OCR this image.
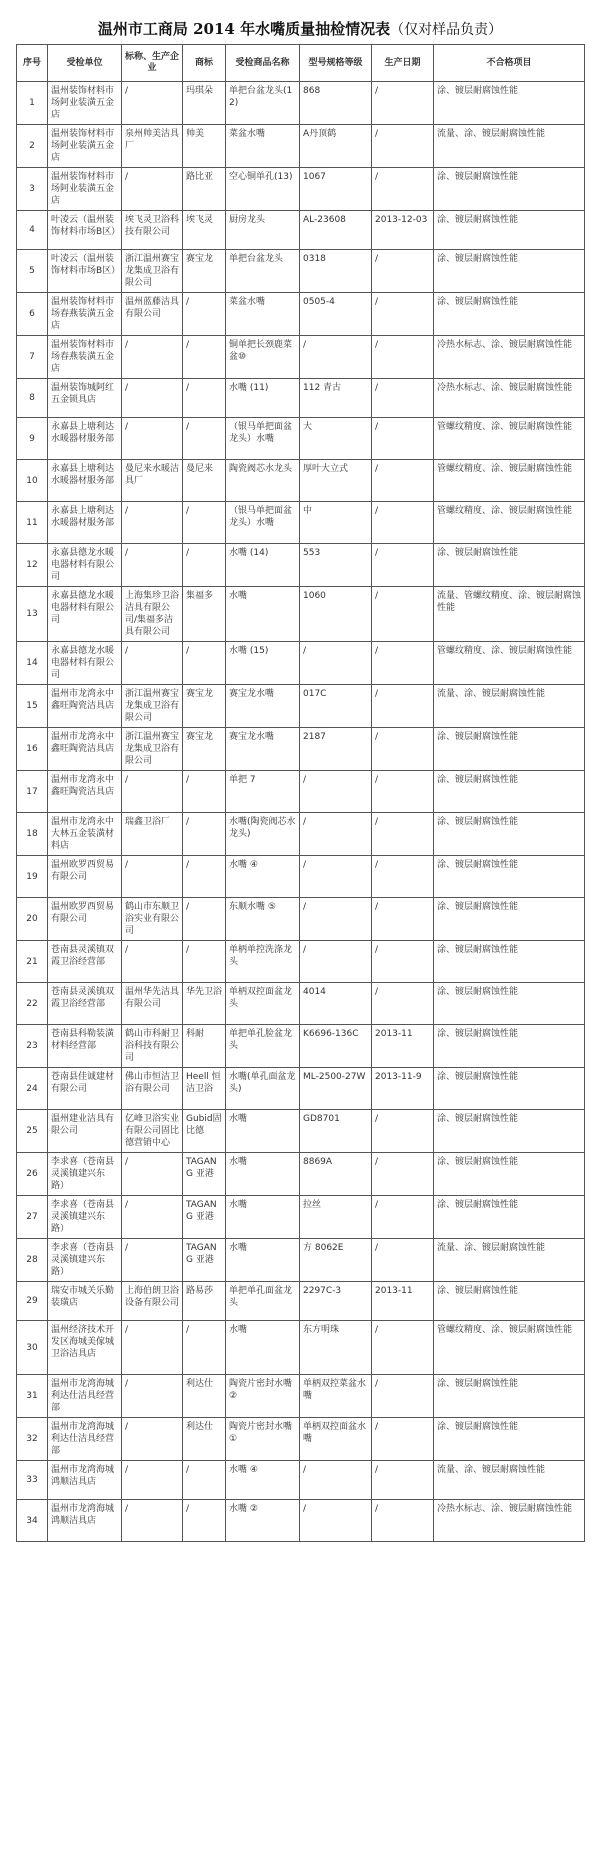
温州市工商局 2014 年水嘴质量抽检情况表（仅对样品负责）
序号	受检单位	标称、生产企业	商标	受检商品名称	型号规格等级	生产日期	不合格项目
1	温州装饰材料市场阿业装潢五金店	/	玛琪朵	单把台盆龙头(12)	868	/	涂、镀层耐腐蚀性能
2	温州装饰材料市场阿业装潢五金店	泉州帅美洁具厂	帅美	菜盆水嘴	A丹顶鹤	/	流量、涂、镀层耐腐蚀性能
3	温州装饰材料市场阿业装潢五金店	/	路比亚	空心铜单孔(13)	1067	/	涂、镀层耐腐蚀性能
4	叶凌云（温州装饰材料市场B区）	埃飞灵卫浴科技有限公司	埃飞灵	厨房龙头	AL-23608	2013-12-03	涂、镀层耐腐蚀性能
5	叶凌云（温州装饰材料市场B区）	浙江温州赛宝龙集成卫浴有限公司	赛宝龙	单把台盆龙头	0318	/	涂、镀层耐腐蚀性能
6	温州装饰材料市场春燕装潢五金店	温州蓝藤洁具有限公司	/	菜盆水嘴	0505-4	/	涂、镀层耐腐蚀性能
7	温州装饰材料市场春燕装潢五金店	/	/	铜单把长颈鹿菜盆⑩	/	/	冷热水标志、涂、镀层耐腐蚀性能
8	温州装饰城阿红五金锁具店	/	/	水嘴 (11)	112 青古	/	冷热水标志、涂、镀层耐腐蚀性能
9	永嘉县上塘利达水暖器材服务部	/	/	（银马单把面盆龙头）水嘴	大	/	管螺纹精度、涂、镀层耐腐蚀性能
10	永嘉县上塘利达水暖器材服务部	曼尼来水暖洁具厂	曼尼来	陶瓷阀芯水龙头	厚叶大立式	/	管螺纹精度、涂、镀层耐腐蚀性能
11	永嘉县上塘利达水暖器材服务部	/	/	（银马单把面盆龙头）水嘴	中	/	管螺纹精度、涂、镀层耐腐蚀性能
12	永嘉县德龙水暖电器材料有限公司	/	/	水嘴 (14)	553	/	涂、镀层耐腐蚀性能
13	永嘉县德龙水暖电器材料有限公司	上海集珍卫浴洁具有限公司/集福多洁具有限公司	集福多	水嘴	1060	/	流量、管螺纹精度、涂、镀层耐腐蚀性能
14	永嘉县德龙水暖电器材料有限公司	/	/	水嘴 (15)	/	/	管螺纹精度、涂、镀层耐腐蚀性能
15	温州市龙湾永中鑫旺陶瓷洁具店	浙江温州赛宝龙集成卫浴有限公司	赛宝龙	赛宝龙水嘴	017C	/	流量、涂、镀层耐腐蚀性能
16	温州市龙湾永中鑫旺陶瓷洁具店	浙江温州赛宝龙集成卫浴有限公司	赛宝龙	赛宝龙水嘴	2187	/	涂、镀层耐腐蚀性能
17	温州市龙湾永中鑫旺陶瓷洁具店	/	/	单把 7	/	/	涂、镀层耐腐蚀性能
18	温州市龙湾永中大林五金装潢材料店	瑞鑫卫浴厂	/	水嘴(陶瓷阀芯水龙头)	/	/	涂、镀层耐腐蚀性能
19	温州欧罗西贸易有限公司	/	/	水嘴 ④	/	/	涂、镀层耐腐蚀性能
20	温州欧罗西贸易有限公司	鹤山市东顺卫浴实业有限公司	/	东顺水嘴 ⑤	/	/	涂、镀层耐腐蚀性能
21	苍南县灵溪镇双霞卫浴经营部	/	/	单柄单控洗涤龙头	/	/	涂、镀层耐腐蚀性能
22	苍南县灵溪镇双霞卫浴经营部	温州华先洁具有限公司	华先卫浴	单柄双控面盆龙头	4014	/	涂、镀层耐腐蚀性能
23	苍南县科勒装潢材料经营部	鹤山市科耐卫浴科技有限公司	科耐	单把单孔脸盆龙头	K6696-136C	2013-11	涂、镀层耐腐蚀性能
24	苍南县佳诚建材有限公司	佛山市恒洁卫浴有限公司	Heell 恒洁卫浴	水嘴(单孔面盆龙头)	ML-2500-27W	2013-11-9	涂、镀层耐腐蚀性能
25	温州建业洁具有限公司	亿峰卫浴实业有限公司固比德营销中心	Gubid固比德	水嘴	GD8701	/	涂、镀层耐腐蚀性能
26	李求喜（苍南县灵溪镇建兴东路）	/	TAGANG 亚港	水嘴	8869A	/	涂、镀层耐腐蚀性能
27	李求喜（苍南县灵溪镇建兴东路）	/	TAGANG 亚港	水嘴	拉丝	/	涂、镀层耐腐蚀性能
28	李求喜（苍南县灵溪镇建兴东路）	/	TAGANG 亚港	水嘴	方 8062E	/	流量、涂、镀层耐腐蚀性能
29	瑞安市城关乐勤装璜店	上海伯朗卫浴设备有限公司	路易莎	单把单孔面盆龙头	2297C-3	2013-11	涂、镀层耐腐蚀性能
30	温州经济技术开发区海城美傢城卫浴洁具店	/	/	水嘴	东方明珠	/	管螺纹精度、涂、镀层耐腐蚀性能
31	温州市龙湾海城利达仕洁具经营部	/	利达仕	陶瓷片密封水嘴②	单柄双控菜盆水嘴	/	涂、镀层耐腐蚀性能
32	温州市龙湾海城利达仕洁具经营部	/	利达仕	陶瓷片密封水嘴①	单柄双控面盆水嘴	/	涂、镀层耐腐蚀性能
33	温州市龙湾海城鸿顺洁具店	/	/	水嘴 ④	/	/	流量、涂、镀层耐腐蚀性能
34	温州市龙湾海城鸿顺洁具店	/	/	水嘴 ②	/	/	冷热水标志、涂、镀层耐腐蚀性能
